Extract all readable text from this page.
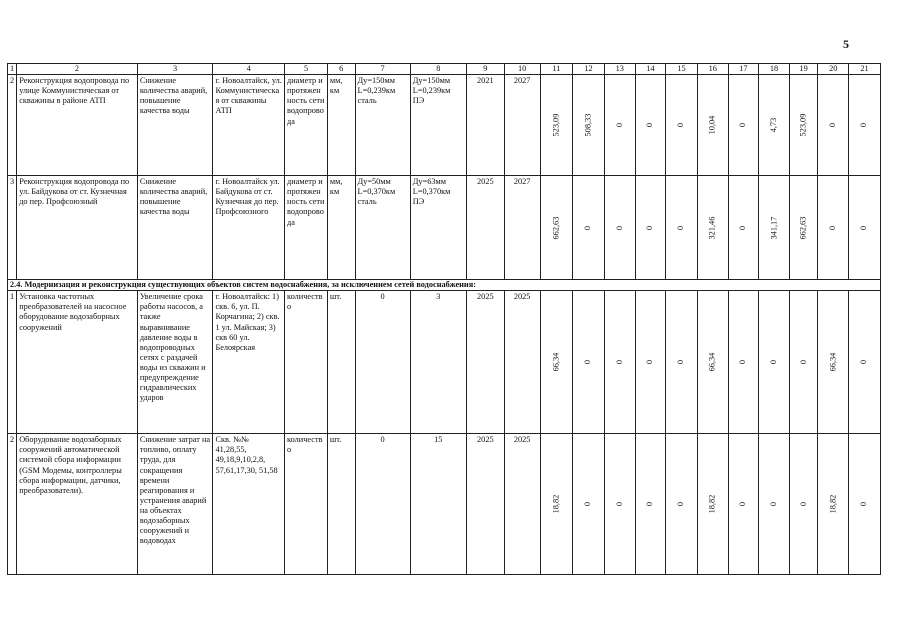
5
1	2	3	4	5	6	7	8	9	10	11	12	13	14	15	16	17	18	19	20	21
2	Реконструкция водопровода по улице Коммунистическая от скважины в районе АТП	Снижение количества аварий, повышение качества воды	г. Новоалтайск, ул. Коммунистическая от скважины АТП	диаметр и протяженность сети водопровода	мм, км	Ду=150мм L=0,239км сталь	Ду=150мм L=0,239км ПЭ	2021	2027	523,09	508,33	0	0	0	10,04	0	4,73	523,09	0	0
3	Реконструкция водопровода по ул. Байдукова от ст. Кузнечная до пер. Профсоюзный	Снижение количества аварий, повышение качества воды	г. Новоалтайск ул. Байдукова от ст. Кузнечная до пер. Профсоюзного	диаметр и протяженность сети водопровода	мм, км	Ду=50мм L=0,370км сталь	Ду=63мм L=0,370км ПЭ	2025	2027	662,63	0	0	0	0	321,46	0	341,17	662,63	0	0
2.4. Модернизация и реконструкция существующих объектов систем водоснабжения, за исключением сетей водоснабжения:																				
1	Установка частотных преобразователей на насосное оборудование водозаборных сооружений	Увеличение срока работы насосов, а также выравнивание давление воды в водопроводных сетях с раздачей воды из скважин и предупреждение гидравлических ударов	г. Новоалтайск: 1) скв. 6, ул. П. Корчагина; 2) скв. 1 ул. Майская; 3) скв 60 ул. Белоярская	количество	шт.	0	3	2025	2025	66,34	0	0	0	0	66,34	0	0	0	66,34	0
2	Оборудование водозаборных сооружений автоматической системой сбора информации (GSM Модемы, контроллеры сбора информации, датчики, преобразователи).	Снижение затрат на топливо, оплату труда, для сокращения времени реагирования и устранения аварий на объектах водозаборных сооружений и водоводах	Скв. №№ 41,28,55, 49,18,9,10,2,8, 57,61,17,30, 51,58	количество	шт.	0	15	2025	2025	18,82	0	0	0	0	18,82	0	0	0	18,82	0
